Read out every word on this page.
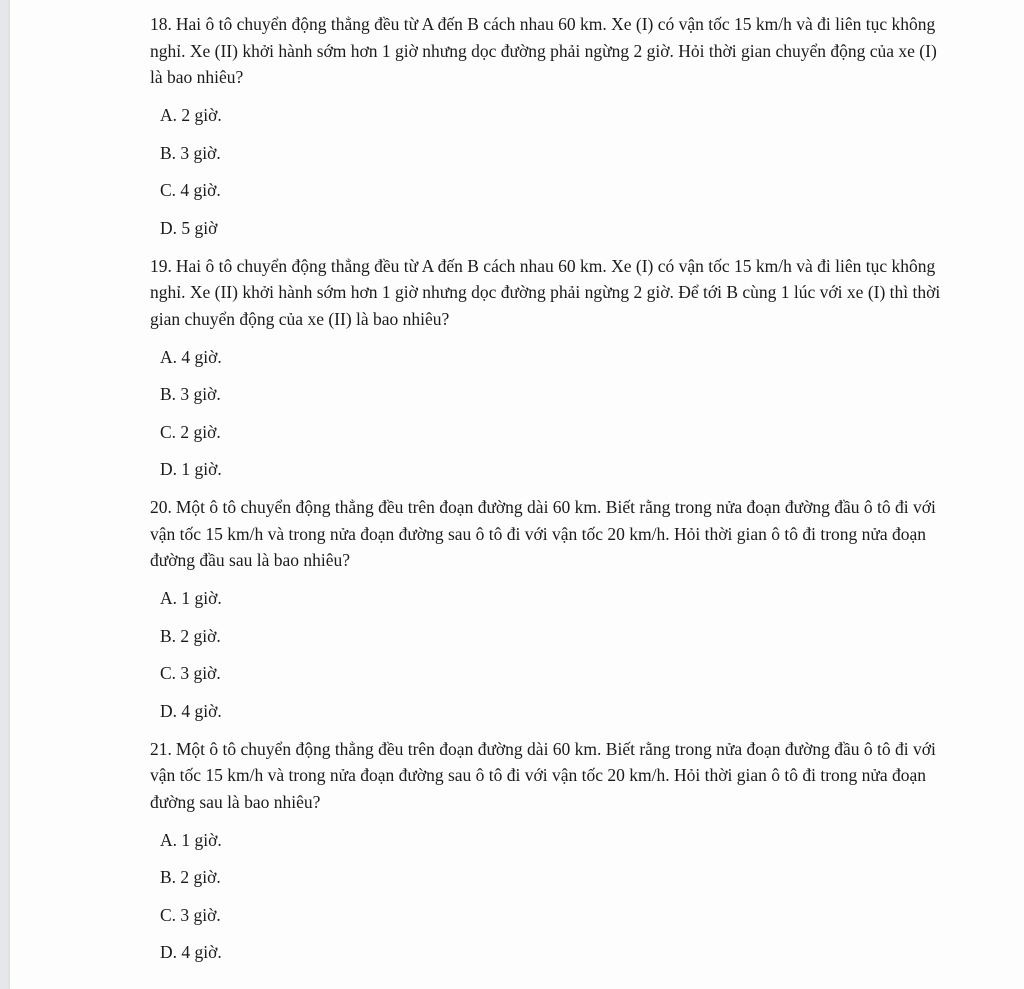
18. Hai ô tô chuyển động thẳng đều từ A đến B cách nhau 60 km. Xe (I) có vận tốc 15 km/h và đi liên tục không nghỉ. Xe (II) khởi hành sớm hơn 1 giờ nhưng dọc đường phải ngừng 2 giờ. Hỏi thời gian chuyển động của xe (I) là bao nhiêu?

A. 2 giờ.
B. 3 giờ.
C. 4 giờ.
D. 5 giờ

19. Hai ô tô chuyển động thẳng đều từ A đến B cách nhau 60 km. Xe (I) có vận tốc 15 km/h và đi liên tục không nghỉ. Xe (II) khởi hành sớm hơn 1 giờ nhưng dọc đường phải ngừng 2 giờ. Để tới B cùng 1 lúc với xe (I) thì thời gian chuyển động của xe (II) là bao nhiêu?

A. 4 giờ.
B. 3 giờ.
C. 2 giờ.
D. 1 giờ.

20. Một ô tô chuyển động thẳng đều trên đoạn đường dài 60 km. Biết rằng trong nửa đoạn đường đầu ô tô đi với vận tốc 15 km/h và trong nửa đoạn đường sau ô tô đi với vận tốc 20 km/h. Hỏi thời gian ô tô đi trong nửa đoạn đường đầu sau là bao nhiêu?

A. 1 giờ.
B. 2 giờ.
C. 3 giờ.
D. 4 giờ.

21. Một ô tô chuyển động thẳng đều trên đoạn đường dài 60 km. Biết rằng trong nửa đoạn đường đầu ô tô đi với vận tốc 15 km/h và trong nửa đoạn đường sau ô tô đi với vận tốc 20 km/h. Hỏi thời gian ô tô đi trong nửa đoạn đường sau là bao nhiêu?

A. 1 giờ.
B. 2 giờ.
C. 3 giờ.
D. 4 giờ.
